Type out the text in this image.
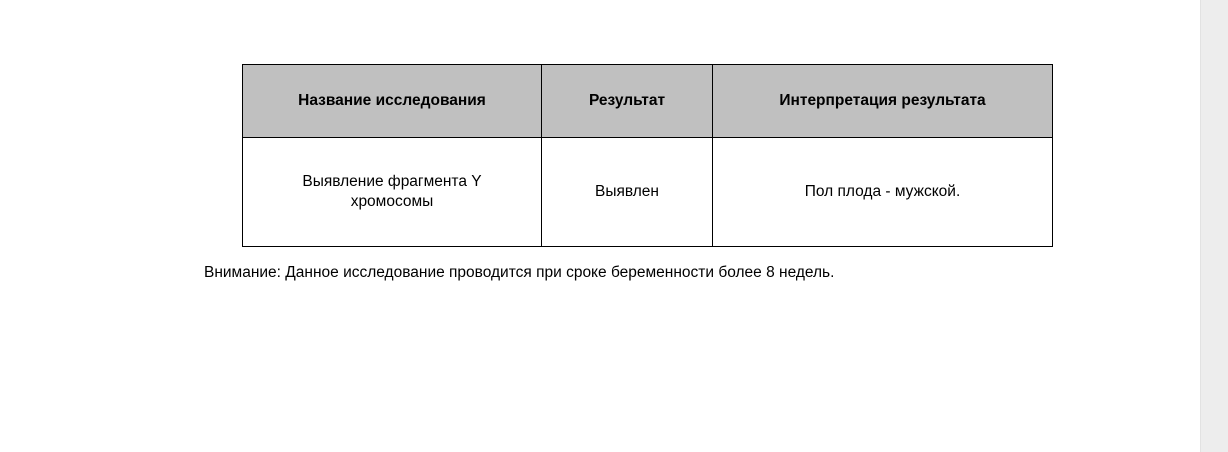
Название исследования	Результат	Интерпретация результата
Выявление фрагмента Y хромосомы	Выявлен	Пол плода - мужской.
Внимание: Данное исследование проводится при сроке беременности более 8 недель.
